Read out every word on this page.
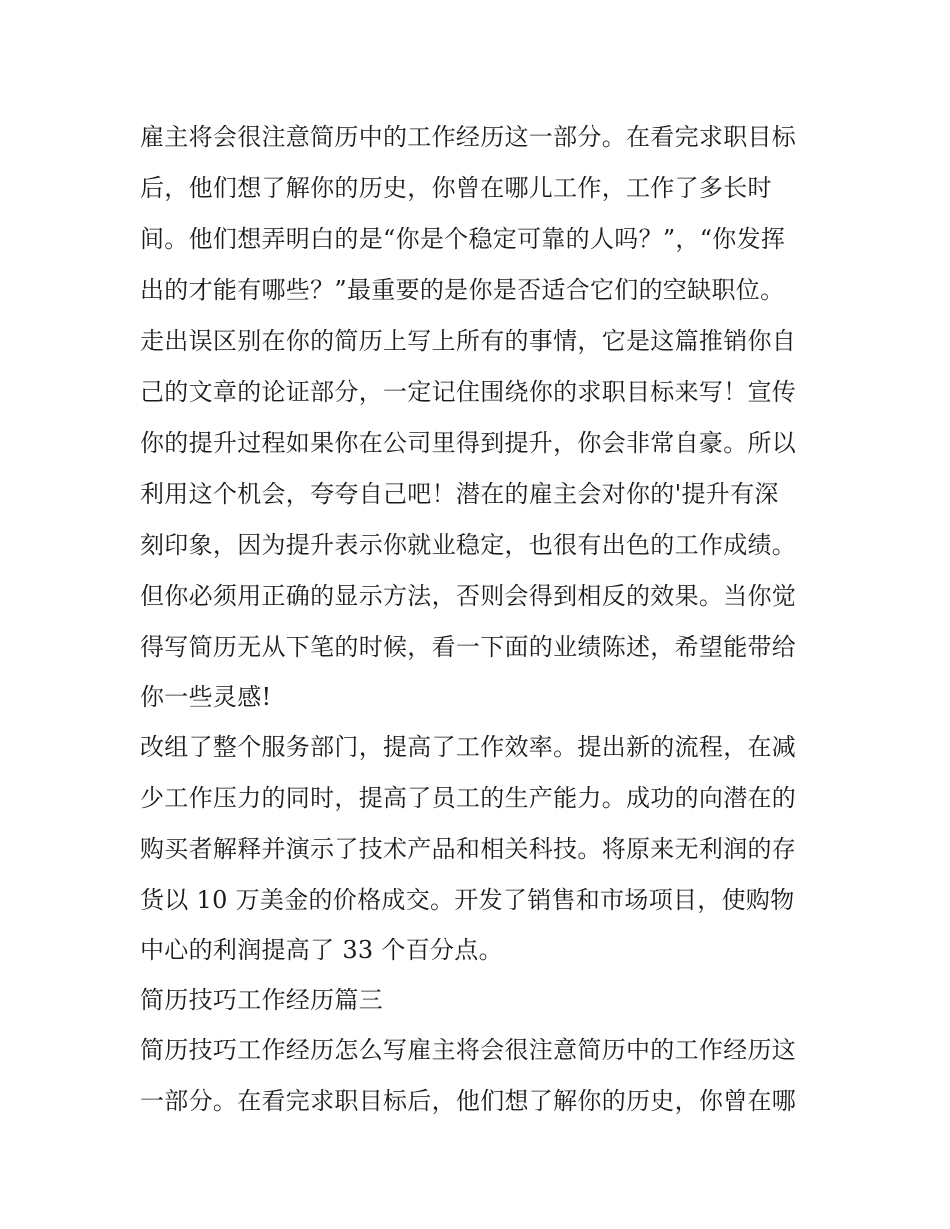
雇主将会很注意简历中的工作经历这一部分。在看完求职目标
后，他们想了解你的历史，你曾在哪儿工作，工作了多长时
间。他们想弄明白的是“你是个稳定可靠的人吗？”，“你发挥
出的才能有哪些？”最重要的是你是否适合它们的空缺职位。
走出误区别在你的简历上写上所有的事情，它是这篇推销你自
己的文章的论证部分，一定记住围绕你的求职目标来写！宣传
你的提升过程如果你在公司里得到提升，你会非常自豪。所以
利用这个机会，夸夸自己吧！潜在的雇主会对你的'提升有深
刻印象，因为提升表示你就业稳定，也很有出色的工作成绩。
但你必须用正确的显示方法，否则会得到相反的效果。当你觉
得写简历无从下笔的时候，看一下面的业绩陈述，希望能带给
你一些灵感!
改组了整个服务部门，提高了工作效率。提出新的流程，在减
少工作压力的同时，提高了员工的生产能力。成功的向潜在的
购买者解释并演示了技术产品和相关科技。将原来无利润的存
货以 10 万美金的价格成交。开发了销售和市场项目，使购物
中心的利润提高了 33 个百分点。
简历技巧工作经历篇三
简历技巧工作经历怎么写雇主将会很注意简历中的工作经历这
一部分。在看完求职目标后，他们想了解你的历史，你曾在哪
